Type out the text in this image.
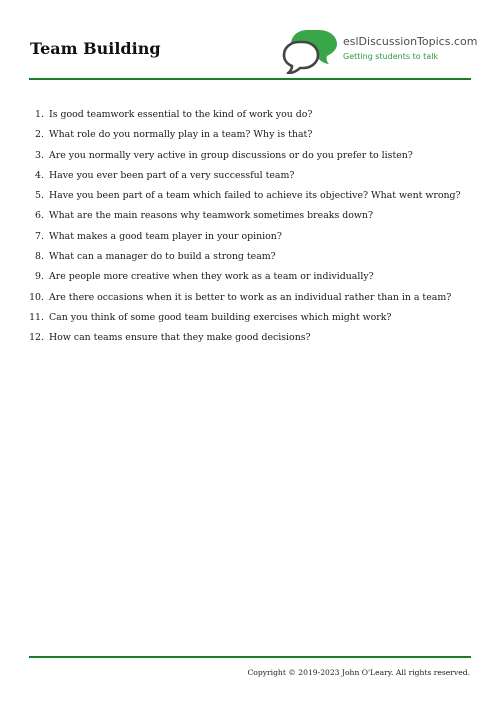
Team Building	eslDiscussionTopics.com
Getting students to talk
1. Is good teamwork essential to the kind of work you do?
2. What role do you normally play in a team? Why is that?
3. Are you normally very active in group discussions or do you prefer to listen?
4. Have you ever been part of a very successful team?
5. Have you been part of a team which failed to achieve its objective? What went wrong?
6. What are the main reasons why teamwork sometimes breaks down?
7. What makes a good team player in your opinion?
8. What can a manager do to build a strong team?
9. Are people more creative when they work as a team or individually?
10. Are there occasions when it is better to work as an individual rather than in a team?
11. Can you think of some good team building exercises which might work?
12. How can teams ensure that they make good decisions?
Copyright © 2019-2023 John O'Leary. All rights reserved.
